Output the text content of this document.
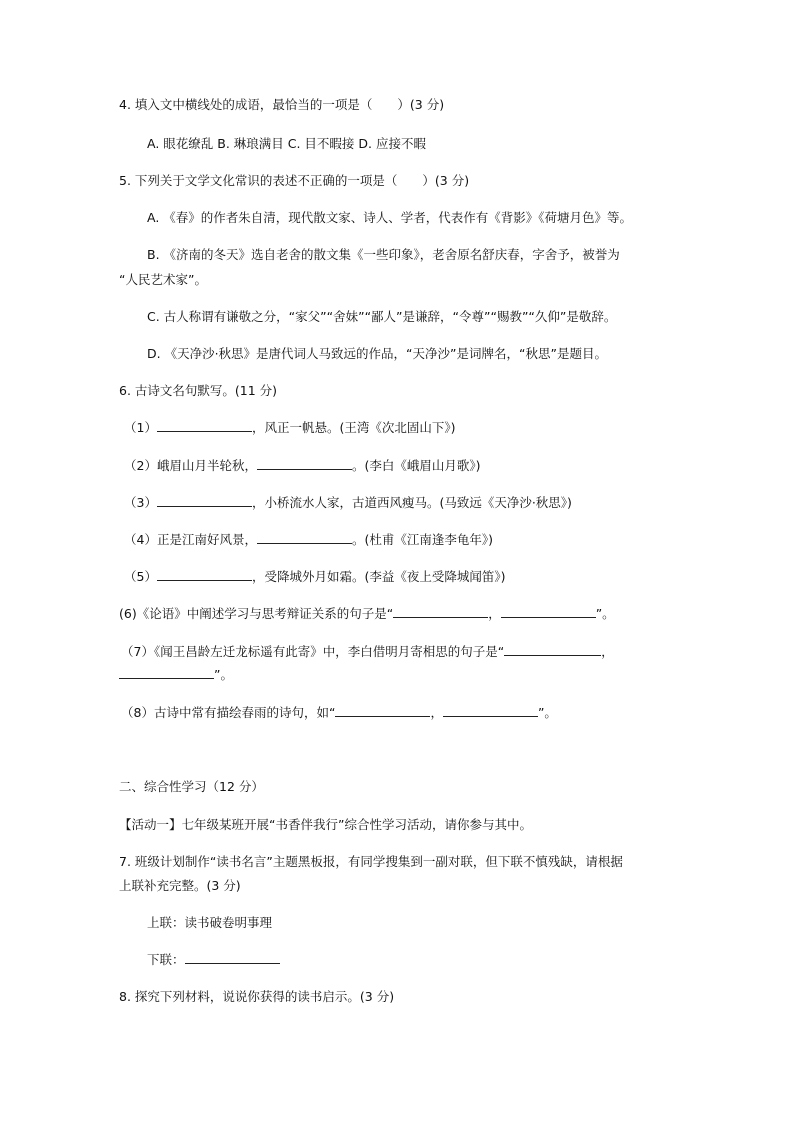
4. 填入文中横线处的成语，最恰当的一项是（　　）(3 分)
A. 眼花缭乱 B. 琳琅满目 C. 目不暇接 D. 应接不暇
5. 下列关于文学文化常识的表述不正确的一项是（　　）(3 分)
A. 《春》的作者朱自清，现代散文家、诗人、学者，代表作有《背影》《荷塘月色》等。
B. 《济南的冬天》选自老舍的散文集《一些印象》，老舍原名舒庆春，字舍予，被誉为
“人民艺术家”。
C. 古人称谓有谦敬之分，“家父”“舍妹”“鄙人”是谦辞，“令尊”“赐教”“久仰”是敬辞。
D. 《天净沙·秋思》是唐代词人马致远的作品，“天净沙”是词牌名，“秋思”是题目。
6. 古诗文名句默写。(11 分)
（1）	，风正一帆悬。(王湾《次北固山下》)
（2）峨眉山月半轮秋，	。(李白《峨眉山月歌》)
（3）	，小桥流水人家，古道西风瘦马。(马致远《天净沙·秋思》)
（4）正是江南好风景，	。(杜甫《江南逢李龟年》)
（5）	，受降城外月如霜。(李益《夜上受降城闻笛》)
(6)《论语》中阐述学习与思考辩证关系的句子是“	，	”。
（7）《闻王昌龄左迁龙标遥有此寄》中，李白借明月寄相思的句子是“	，
”。
（8）古诗中常有描绘春雨的诗句，如“	，	”。
二、综合性学习（12 分）
【活动一】七年级某班开展“书香伴我行”综合性学习活动，请你参与其中。
7. 班级计划制作“读书名言”主题黑板报，有同学搜集到一副对联，但下联不慎残缺，请根据
上联补充完整。(3 分)
上联：读书破卷明事理
下联：
8. 探究下列材料，说说你获得的读书启示。(3 分)
